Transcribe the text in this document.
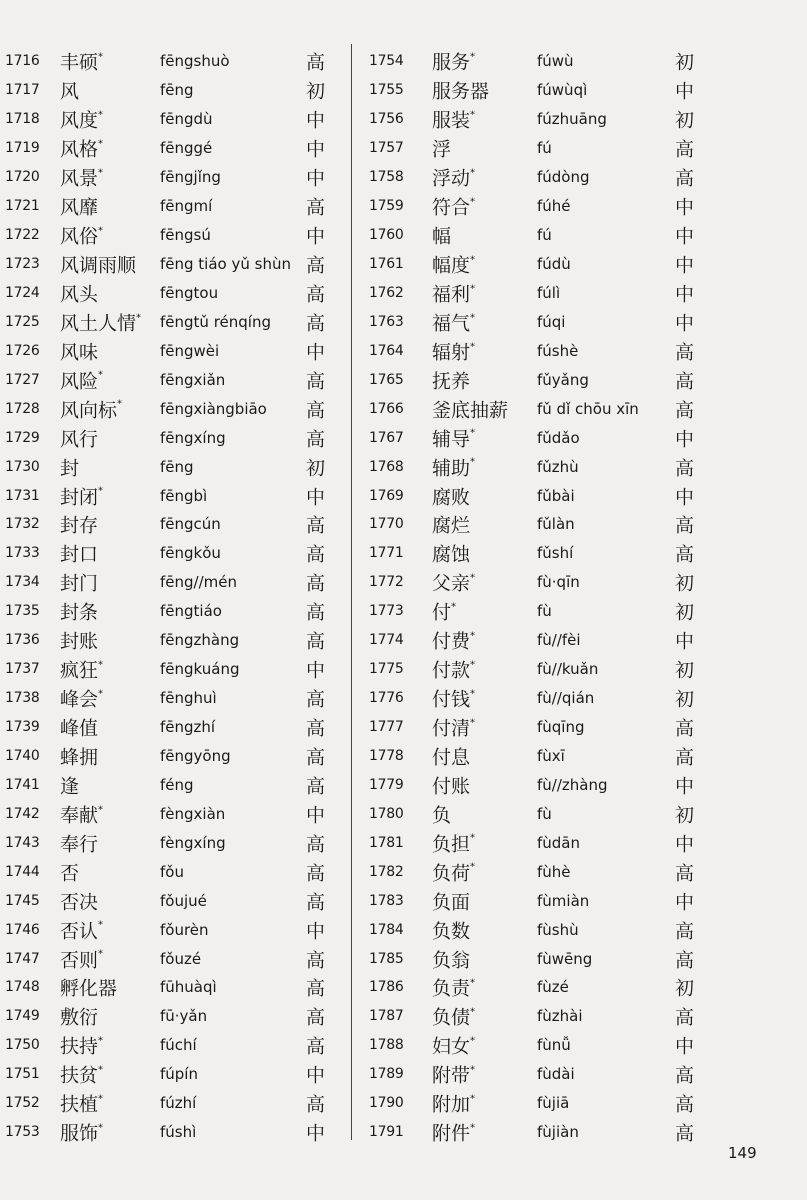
1716 丰硕*	fēngshuò	高
1717 风	fēng	初
1718 风度*	fēngdù	中
1719 风格*	fēnggé	中
1720 风景*	fēngjǐng	中
1721 风靡	fēngmí	高
1722 风俗*	fēngsú	中
1723 风调雨顺 fēng tiáo yǔ shùn 高
1724 风头	fēngtou	高
1725 风土人情* fēngtǔ rénqíng 高
1726 风味	fēngwèi	中
1727 风险*	fēngxiǎn	高
1728 风向标*	fēngxiàngbiāo 高
1729 风行	fēngxíng	高
1730 封	fēng	初
1731 封闭*	fēngbì	中
1732 封存	fēngcún	高
1733 封口	fēngkǒu	高
1734 封门	fēng//mén	高
1735 封条	fēngtiáo	高
1736 封账	fēngzhàng	高
1737 疯狂*	fēngkuáng	中
1738 峰会*	fēnghuì	高
1739 峰值	fēngzhí	高
1740 蜂拥	fēngyōng	高
1741 逢	féng	高
1742 奉献*	fèngxiàn	中
1743 奉行	fèngxíng	高
1744 否	fǒu	高
1745 否决	fǒujué	高
1746 否认*	fǒurèn	中
1747 否则*	fǒuzé	高
1748 孵化器	fūhuàqì	高
1749 敷衍	fū·yǎn	高
1750 扶持*	fúchí	高
1751 扶贫*	fúpín	中
1752 扶植*	fúzhí	高
1753 服饰*	fúshì	中
1754 服务*	fúwù	初
1755 服务器	fúwùqì	中
1756 服装*	fúzhuāng	初
1757 浮	fú	高
1758 浮动*	fúdòng	高
1759 符合*	fúhé	中
1760 幅	fú	中
1761 幅度*	fúdù	中
1762 福利*	fúlì	中
1763 福气*	fúqi	中
1764 辐射*	fúshè	高
1765 抚养	fǔyǎng	高
1766 釜底抽薪 fǔ dǐ chōu xīn 高
1767 辅导*	fǔdǎo	中
1768 辅助*	fǔzhù	高
1769 腐败	fǔbài	中
1770 腐烂	fǔlàn	高
1771 腐蚀	fǔshí	高
1772 父亲*	fù·qīn	初
1773 付*	fù	初
1774 付费*	fù//fèi	中
1775 付款*	fù//kuǎn	初
1776 付钱*	fù//qián	初
1777 付清*	fùqīng	高
1778 付息	fùxī	高
1779 付账	fù//zhàng	中
1780 负	fù	初
1781 负担*	fùdān	中
1782 负荷*	fùhè	高
1783 负面	fùmiàn	中
1784 负数	fùshù	高
1785 负翁	fùwēng	高
1786 负责*	fùzé	初
1787 负债*	fùzhài	高
1788 妇女*	fùnǚ	中
1789 附带*	fùdài	高
1790 附加*	fùjiā	高
1791 附件*	fùjiàn	高
149
